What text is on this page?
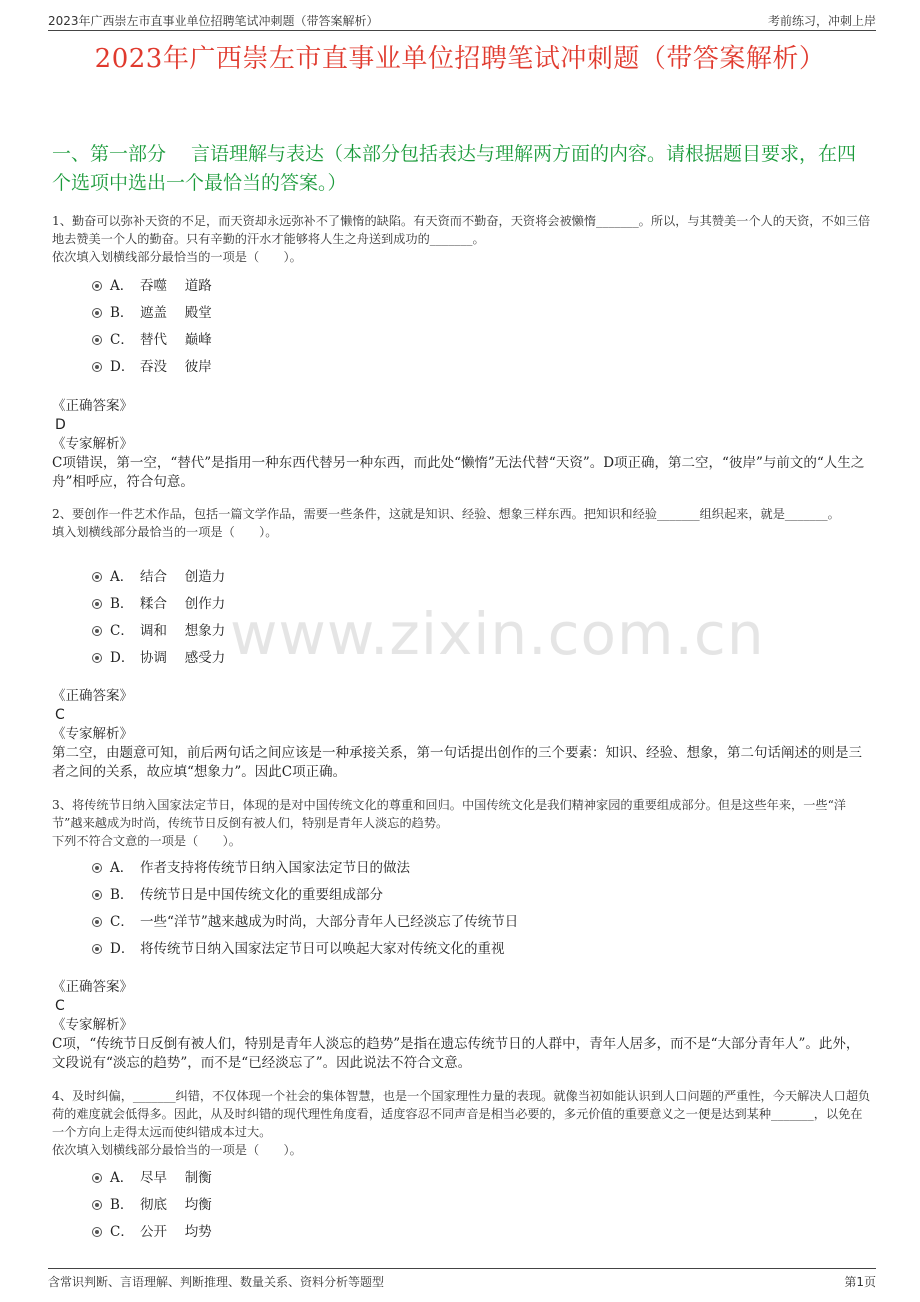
2023年广西崇左市直事业单位招聘笔试冲刺题（带答案解析）	考前练习，冲刺上岸
2023年广西崇左市直事业单位招聘笔试冲刺题（带答案解析）
一、第一部分　 言语理解与表达（本部分包括表达与理解两方面的内容。请根据题目要求，在四个选项中选出一个最恰当的答案。）
www.zixin.com.cn
1、勤奋可以弥补天资的不足，而天资却永远弥补不了懒惰的缺陷。有天资而不勤奋，天资将会被懒惰_______。所以，与其赞美一个人的天资，不如三倍地去赞美一个人的勤奋。只有辛勤的汗水才能够将人生之舟送到成功的_______。
依次填入划横线部分最恰当的一项是（　　）。
A． 吞噬　 道路
B． 遮盖　 殿堂
C． 替代　 巅峰
D． 吞没　 彼岸
《正确答案》
D
《专家解析》
C项错误，第一空，“替代”是指用一种东西代替另一种东西，而此处“懒惰”无法代替“天资”。D项正确，第二空，“彼岸”与前文的“人生之舟”相呼应，符合句意。
2、要创作一件艺术作品，包括一篇文学作品，需要一些条件，这就是知识、经验、想象三样东西。把知识和经验_______组织起来，就是_______。
填入划横线部分最恰当的一项是（　　）。
A． 结合　 创造力
B． 糅合　 创作力
C． 调和　 想象力
D． 协调　 感受力
《正确答案》
C
《专家解析》
第二空，由题意可知，前后两句话之间应该是一种承接关系，第一句话提出创作的三个要素：知识、经验、想象，第二句话阐述的则是三者之间的关系，故应填“想象力”。因此C项正确。
3、将传统节日纳入国家法定节日，体现的是对中国传统文化的尊重和回归。中国传统文化是我们精神家园的重要组成部分。但是这些年来，一些“洋节”越来越成为时尚，传统节日反倒有被人们，特别是青年人淡忘的趋势。
下列不符合文意的一项是（　　）。
A． 作者支持将传统节日纳入国家法定节日的做法
B． 传统节日是中国传统文化的重要组成部分
C． 一些“洋节”越来越成为时尚，大部分青年人已经淡忘了传统节日
D． 将传统节日纳入国家法定节日可以唤起大家对传统文化的重视
《正确答案》
C
《专家解析》
C项，“传统节日反倒有被人们，特别是青年人淡忘的趋势”是指在遗忘传统节日的人群中，青年人居多，而不是“大部分青年人”。此外，文段说有“淡忘的趋势”，而不是“已经淡忘了”。因此说法不符合文意。
4、及时纠偏，_______纠错，不仅体现一个社会的集体智慧，也是一个国家理性力量的表现。就像当初如能认识到人口问题的严重性，今天解决人口超负荷的难度就会低得多。因此，从及时纠错的现代理性角度看，适度容忍不同声音是相当必要的，多元价值的重要意义之一便是达到某种_______，以免在一个方向上走得太远而使纠错成本过大。
依次填入划横线部分最恰当的一项是（　　）。
A． 尽早　 制衡
B． 彻底　 均衡
C． 公开　 均势
含常识判断、言语理解、判断推理、数量关系、资料分析等题型	第1页
